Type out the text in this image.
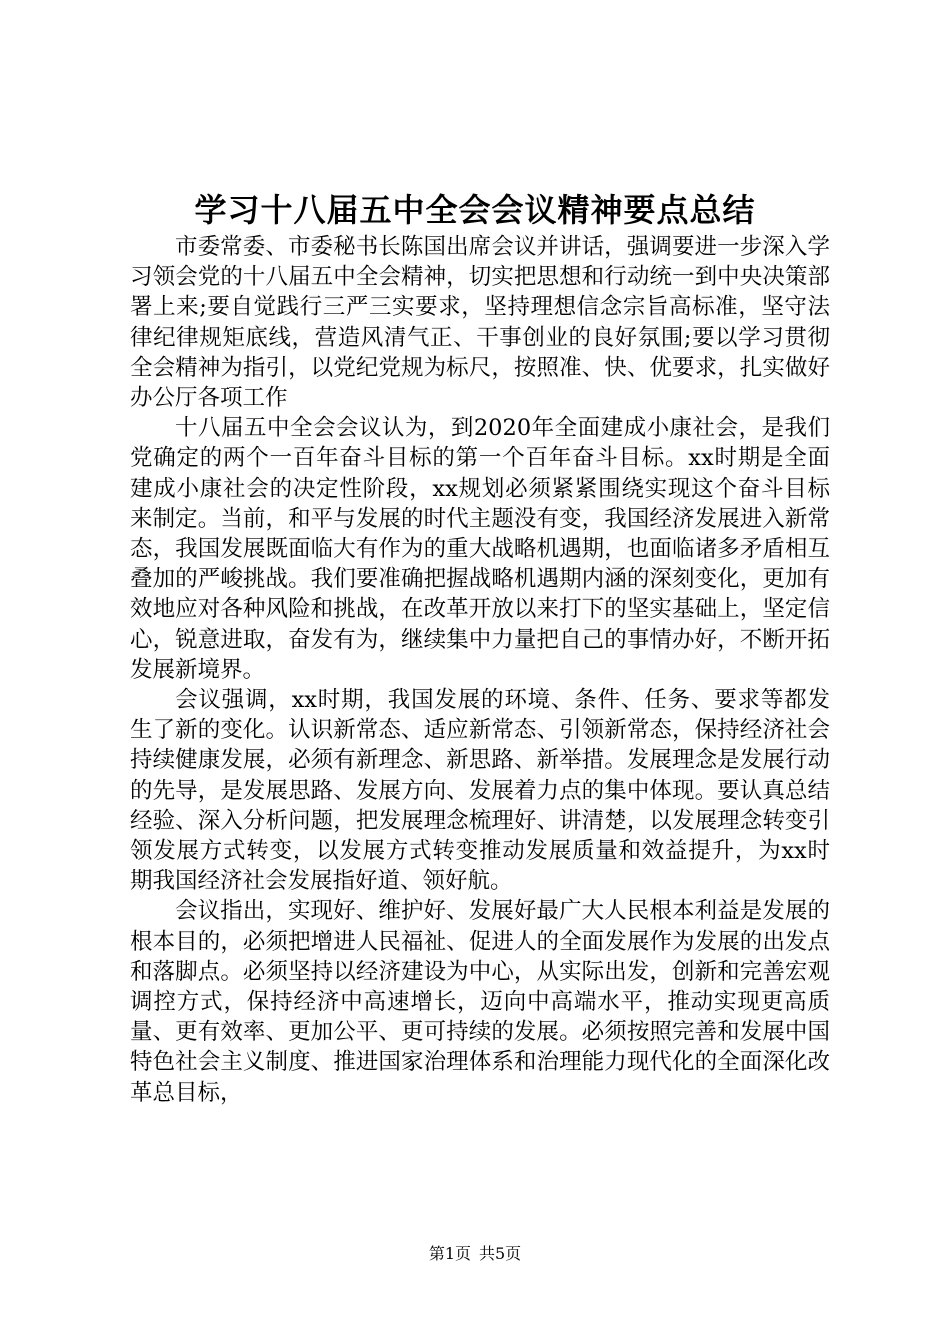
学习十八届五中全会会议精神要点总结

市委常委、市委秘书长陈国出席会议并讲话，强调要进一步深入学习领会党的十八届五中全会精神，切实把思想和行动统一到中央决策部署上来;要自觉践行三严三实要求，坚持理想信念宗旨高标准，坚守法律纪律规矩底线，营造风清气正、干事创业的良好氛围;要以学习贯彻全会精神为指引，以党纪党规为标尺，按照准、快、优要求，扎实做好办公厅各项工作

十八届五中全会会议认为，到2020年全面建成小康社会，是我们党确定的两个一百年奋斗目标的第一个百年奋斗目标。xx时期是全面建成小康社会的决定性阶段，xx规划必须紧紧围绕实现这个奋斗目标来制定。当前，和平与发展的时代主题没有变，我国经济发展进入新常态，我国发展既面临大有作为的重大战略机遇期，也面临诸多矛盾相互叠加的严峻挑战。我们要准确把握战略机遇期内涵的深刻变化，更加有效地应对各种风险和挑战，在改革开放以来打下的坚实基础上，坚定信心，锐意进取，奋发有为，继续集中力量把自己的事情办好，不断开拓发展新境界。

会议强调，xx时期，我国发展的环境、条件、任务、要求等都发生了新的变化。认识新常态、适应新常态、引领新常态，保持经济社会持续健康发展，必须有新理念、新思路、新举措。发展理念是发展行动的先导，是发展思路、发展方向、发展着力点的集中体现。要认真总结经验、深入分析问题，把发展理念梳理好、讲清楚，以发展理念转变引领发展方式转变，以发展方式转变推动发展质量和效益提升，为xx时期我国经济社会发展指好道、领好航。

会议指出，实现好、维护好、发展好最广大人民根本利益是发展的根本目的，必须把增进人民福祉、促进人的全面发展作为发展的出发点和落脚点。必须坚持以经济建设为中心，从实际出发，创新和完善宏观调控方式，保持经济中高速增长，迈向中高端水平，推动实现更高质量、更有效率、更加公平、更可持续的发展。必须按照完善和发展中国特色社会主义制度、推进国家治理体系和治理能力现代化的全面深化改革总目标，

第1页 共5页
